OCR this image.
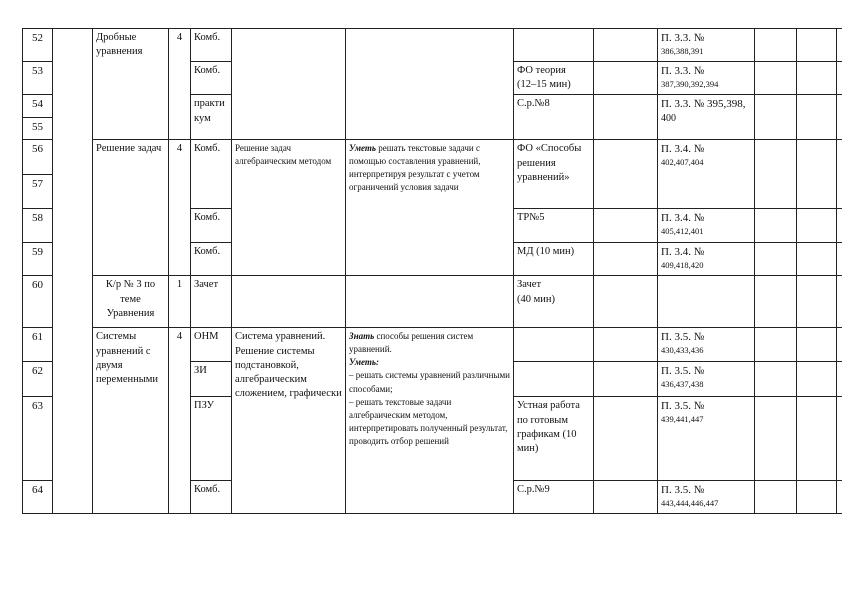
52		Дробные уравнения	4	Комб.					П. 3.3. №
386,388,391			

53				Комб.			ФО теория
(12–15 мин)		П. 3.3. №
387,390,392,394			

54				практи
кум			С.р.№8		П. 3.3. № 395,398,
400			

55												
56		Решение задач	4	Комб.	Решение задач алгебраическим методом	Уметь решать текстовые задачи с помощью составления уравнений, интерпретируя результат с учетом ограничений условия задачи	ФО «Способы решения уравнений»		П. 3.4. №
402,407,404			

57												
58				Комб.			ТР№5		П. 3.4. №
405,412,401			

59				Комб.			МД (10 мин)		П. 3.4. №
409,418,420			

60		К/р № 3 по теме Уравнения	1	Зачет			Зачет
(40 мин)					

61		Системы уравнений с двумя переменными	4	ОНМ	Система уравнений. Решение системы подстановкой, алгебраическим сложением, графически	Знать способы решения систем уравнений.
Уметь:
– решать системы уравнений различными способами;
– решать текстовые задачи алгебраическим методом, интерпретировать полученный результат, проводить отбор решений			П. 3.5. №
430,433,436			

62				ЗИ					П. 3.5. №
436,437,438			

63				ПЗУ			Устная работа по готовым графикам (10 мин)		П. 3.5. №
439,441,447			

64				Комб.			С.р.№9		П. 3.5. №
443,444,446,447			
